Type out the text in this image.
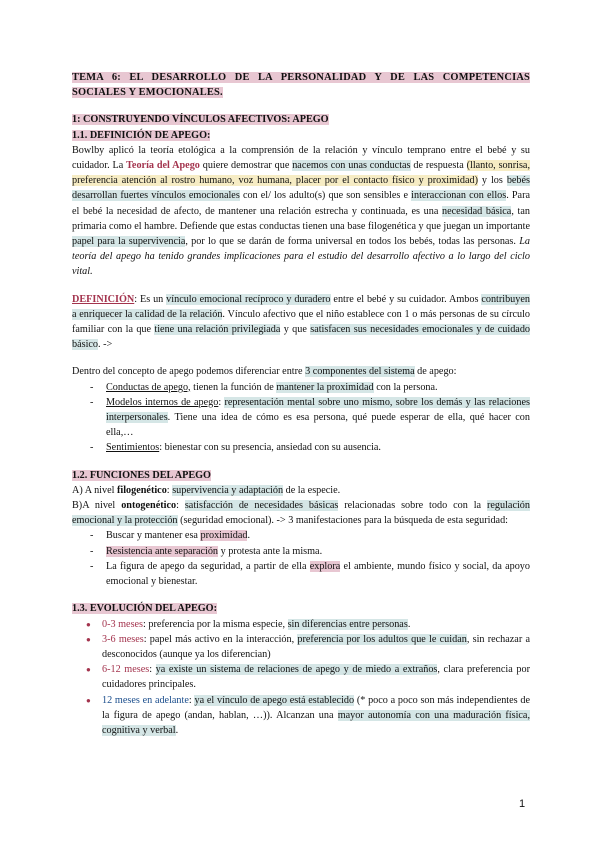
TEMA 6: EL DESARROLLO DE LA PERSONALIDAD Y DE LAS COMPETENCIAS SOCIALES Y EMOCIONALES.
1: CONSTRUYENDO VÍNCULOS AFECTIVOS: APEGO
1.1. DEFINICIÓN DE APEGO:

Bowlby aplicó la teoría etológica a la comprensión de la relación y vínculo temprano entre el bebé y su cuidador. La Teoría del Apego quiere demostrar que nacemos con unas conductas de respuesta (llanto, sonrisa, preferencia atención al rostro humano, voz humana, placer por el contacto físico y proximidad) y los bebés desarrollan fuertes vínculos emocionales con el/ los adulto(s) que son sensibles e interaccionan con ellos. Para el bebé la necesidad de afecto, de mantener una relación estrecha y continuada, es una necesidad básica, tan primaria como el hambre. Defiende que estas conductas tienen una base filogenética y que juegan un importante papel para la supervivencia, por lo que se darán de forma universal en todos los bebés, todas las personas. La teoría del apego ha tenido grandes implicaciones para el estudio del desarrollo afectivo a lo largo del ciclo vital.

DEFINICIÓN: Es un vínculo emocional recíproco y duradero entre el bebé y su cuidador. Ambos contribuyen a enriquecer la calidad de la relación. Vínculo afectivo que el niño establece con 1 o más personas de su círculo familiar con la que tiene una relación privilegiada y que satisfacen sus necesidades emocionales y de cuidado básico. ->

Dentro del concepto de apego podemos diferenciar entre 3 componentes del sistema de apego:

- Conductas de apego, tienen la función de mantener la proximidad con la persona.
- Modelos internos de apego: representación mental sobre uno mismo, sobre los demás y las relaciones interpersonales. Tiene una idea de cómo es esa persona, qué puede esperar de ella, qué hacer con ella,…
- Sentimientos: bienestar con su presencia, ansiedad con su ausencia.
1.2. FUNCIONES DEL APEGO

A) A nivel filogenético: supervivencia y adaptación de la especie.

B)A nivel ontogenético: satisfacción de necesidades básicas relacionadas sobre todo con la regulación emocional y la protección (seguridad emocional). -> 3 manifestaciones para la búsqueda de esta seguridad:

- Buscar y mantener esa proximidad.
- Resistencia ante separación y protesta ante la misma.
- La figura de apego da seguridad, a partir de ella explora el ambiente, mundo físico y social, da apoyo emocional y bienestar.
1.3. EVOLUCIÓN DEL APEGO:
● 0-3 meses: preferencia por la misma especie, sin diferencias entre personas.
● 3-6 meses: papel más activo en la interacción, preferencia por los adultos que le cuidan, sin rechazar a desconocidos (aunque ya los diferencian)
● 6-12 meses: ya existe un sistema de relaciones de apego y de miedo a extraños, clara preferencia por cuidadores principales.
● 12 meses en adelante: ya el vínculo de apego está establecido (* poco a poco son más independientes de la figura de apego (andan, hablan, …)). Alcanzan una mayor autonomía con una maduración física, cognitiva y verbal.
1
